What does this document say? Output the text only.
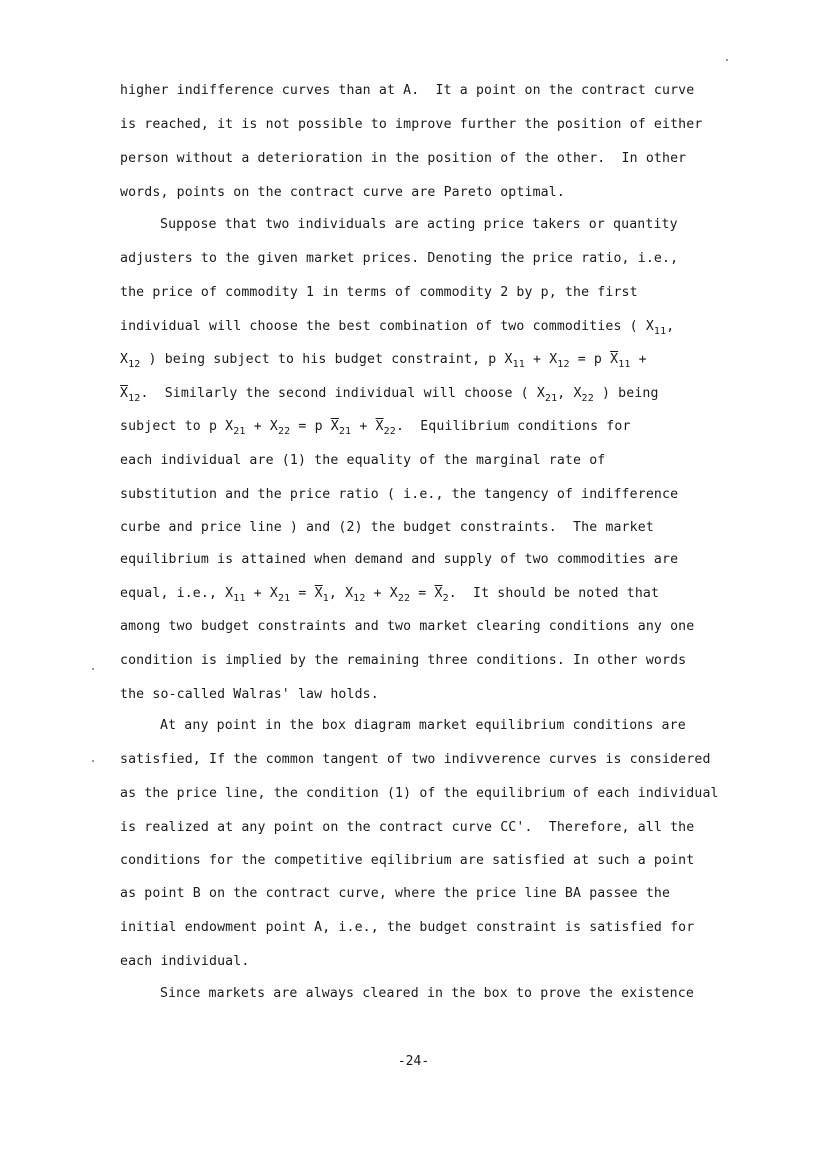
higher indifference curves than at A.  It a point on the contract curve
is reached, it is not possible to improve further the position of either
person without a deterioration in the position of the other.  In other
words, points on the contract curve are Pareto optimal.
Suppose that two individuals are acting price takers or quantity
adjusters to the given market prices. Denoting the price ratio, i.e.,
the price of commodity 1 in terms of commodity 2 by p, the first
individual will choose the best combination of two commodities ( $X_{11}$,
$X_{12}$ ) being subject to his budget constraint, p $X_{11} + X_{12} = p$ $\overline{X}_{11}$ +
$\overline{X}_{12}$.  Similarly the second individual will choose ( $X_{21}$, $X_{22}$ ) being
subject to p $X_{21} + X_{22} = p$ $\overline{X}_{21} + \overline{X}_{22}$.  Equilibrium conditions for
each individual are (1) the equality of the marginal rate of
substitution and the price ratio ( i.e., the tangency of indifference
curbe and price line ) and (2) the budget constraints.  The market
equilibrium is attained when demand and supply of two commodities are
equal, i.e., $X_{11} + X_{21} = \overline{X}_1$, $X_{12} + X_{22} = \overline{X}_2$.  It should be noted that
among two budget constraints and two market clearing conditions any one
condition is implied by the remaining three conditions. In other words
the so-called Walras' law holds.
At any point in the box diagram market equilibrium conditions are
satisfied, If the common tangent of two indivverence curves is considered
as the price line, the condition (1) of the equilibrium of each individual
is realized at any point on the contract curve CC'.  Therefore, all the
conditions for the competitive eqilibrium are satisfied at such a point
as point B on the contract curve, where the price line BA passee the
initial endowment point A, i.e., the budget constraint is satisfied for
each individual.
Since markets are always cleared in the box to prove the existence
-24-
